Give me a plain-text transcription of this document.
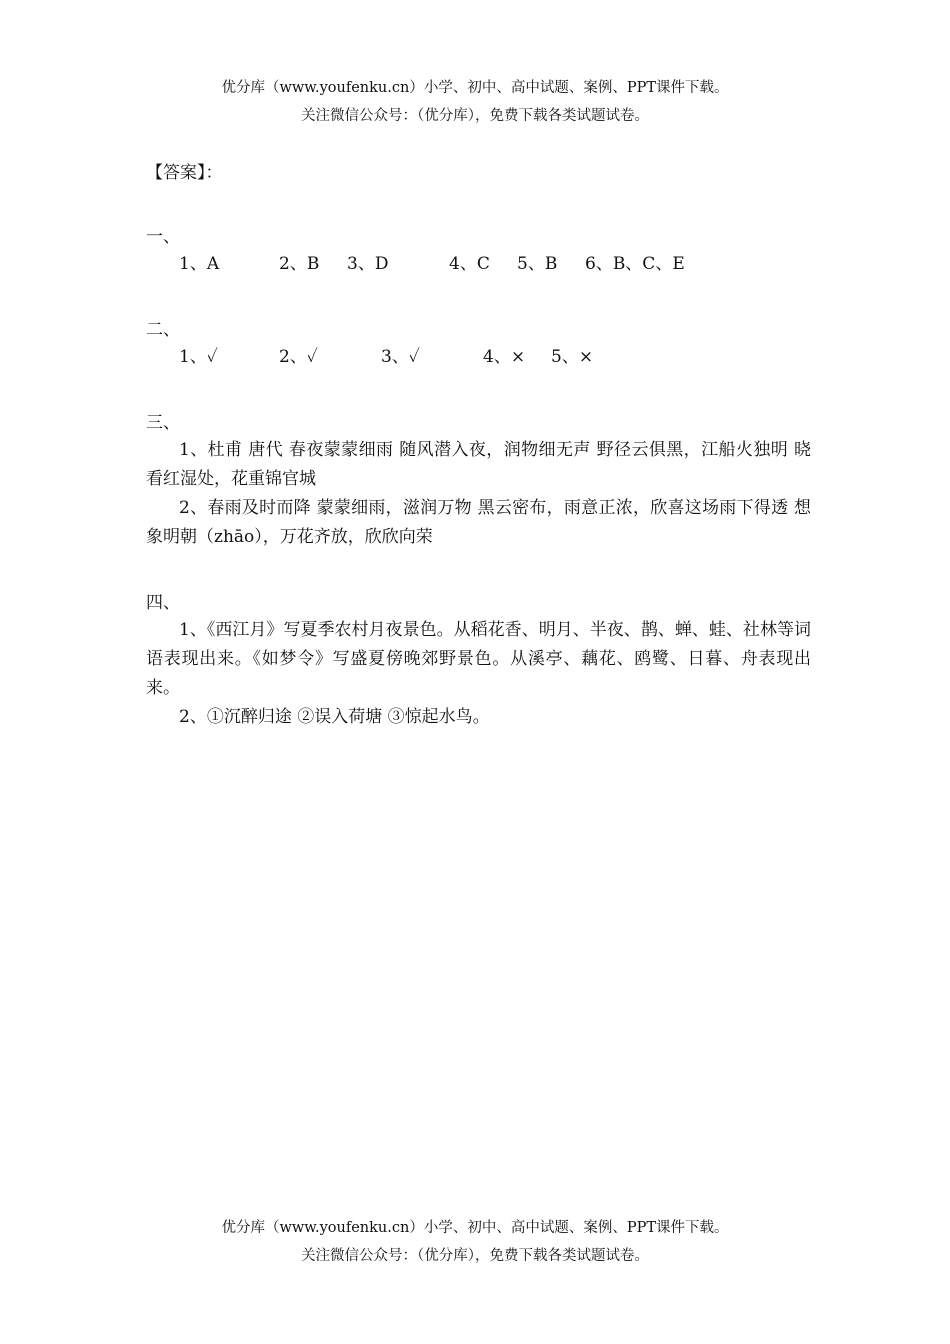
优分库（www.youfenku.cn）小学、初中、高中试题、案例、PPT课件下载。
关注微信公众号：（优分库），免费下载各类试题试卷。
【答案】：
一、
1、A	2、B 3、D	4、C 5、B 6、B、C、E
二、
1、✓	2、✓	3、✓	4、× 5、×
三、
1、杜甫 唐代 春夜蒙蒙细雨 随风潜入夜，润物细无声 野径云俱黑，江船火独明 晓看红湿处，花重锦官城
2、春雨及时而降 蒙蒙细雨，滋润万物 黑云密布，雨意正浓，欣喜这场雨下得透 想象明朝（zhāo），万花齐放，欣欣向荣
四、
1、《西江月》写夏季农村月夜景色。从稻花香、明月、半夜、鹊、蝉、蛙、社林等词语表现出来。《如梦令》写盛夏傍晚郊野景色。从溪亭、藕花、鸥鹭、日暮、舟表现出来。
2、①沉醉归途 ②误入荷塘 ③惊起水鸟。
优分库（www.youfenku.cn）小学、初中、高中试题、案例、PPT课件下载。
关注微信公众号：（优分库），免费下载各类试题试卷。
